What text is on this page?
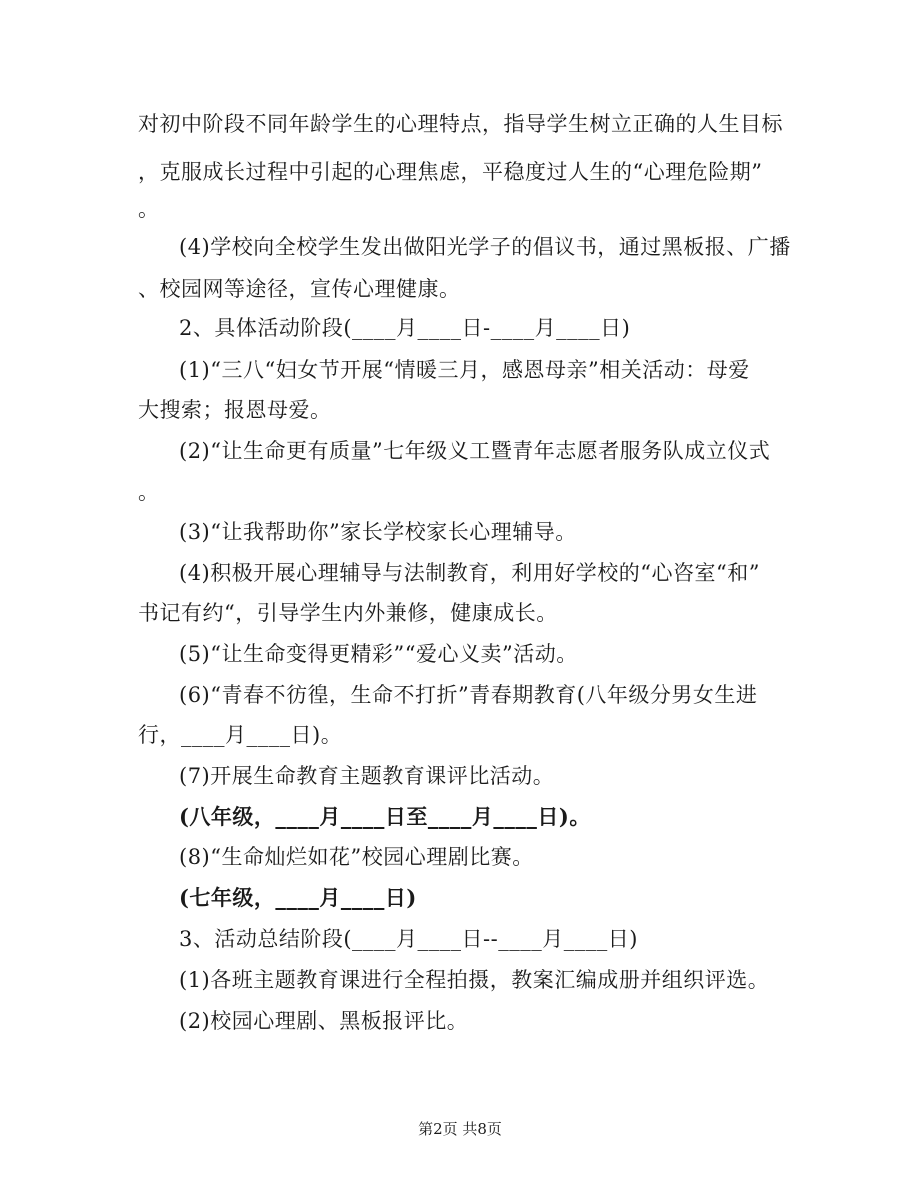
对初中阶段不同年龄学生的心理特点，指导学生树立正确的人生目标
，克服成长过程中引起的心理焦虑，平稳度过人生的“心理危险期”
。
(4)学校向全校学生发出做阳光学子的倡议书，通过黑板报、广播
、校园网等途径，宣传心理健康。
2、具体活动阶段(____月____日-____月____日)
(1)“三八“妇女节开展“情暖三月，感恩母亲”相关活动：母爱
大搜索；报恩母爱。
(2)“让生命更有质量”七年级义工暨青年志愿者服务队成立仪式
。
(3)“让我帮助你”家长学校家长心理辅导。
(4)积极开展心理辅导与法制教育，利用好学校的“心咨室“和”
书记有约“，引导学生内外兼修，健康成长。
(5)“让生命变得更精彩”“爱心义卖”活动。
(6)“青春不彷徨，生命不打折”青春期教育(八年级分男女生进
行，____月____日)。
(7)开展生命教育主题教育课评比活动。
(八年级，____月____日至____月____日)。
(8)“生命灿烂如花”校园心理剧比赛。
(七年级，____月____日)
3、活动总结阶段(____月____日--____月____日)
(1)各班主题教育课进行全程拍摄，教案汇编成册并组织评选。
(2)校园心理剧、黑板报评比。
第2页 共8页
